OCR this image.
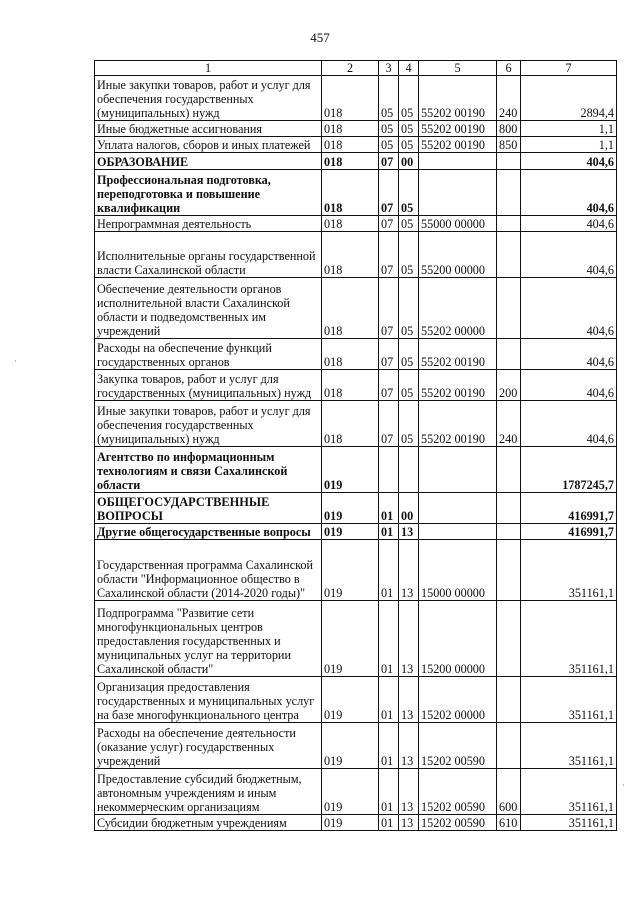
457
·
·
1	2	3	4	5	6	7
Иные закупки товаров, работ и услуг для обеспечения государственных (муниципальных) нужд	018	05	05	55202 00190	240	2894,4
Иные бюджетные ассигнования	018	05	05	55202 00190	800	1,1
Уплата налогов, сборов и иных платежей	018	05	05	55202 00190	850	1,1
ОБРАЗОВАНИЕ	018	07	00			404,6
Профессиональная подготовка, переподготовка и повышение квалификации	018	07	05			404,6
Непрограммная деятельность	018	07	05	55000 00000		404,6
Исполнительные органы государственной власти Сахалинской области	018	07	05	55200 00000		404,6
Обеспечение деятельности органов исполнительной власти Сахалинской области и подведомственных им учреждений	018	07	05	55202 00000		404,6
Расходы на обеспечение функций государственных органов	018	07	05	55202 00190		404,6
Закупка товаров, работ и услуг для государственных (муниципальных) нужд	018	07	05	55202 00190	200	404,6
Иные закупки товаров, работ и услуг для обеспечения государственных (муниципальных) нужд	018	07	05	55202 00190	240	404,6
Агентство по информационным технологиям и связи Сахалинской области	019					1787245,7
ОБЩЕГОСУДАРСТВЕННЫЕ ВОПРОСЫ	019	01	00			416991,7
Другие общегосударственные вопросы	019	01	13			416991,7
Государственная программа Сахалинской области "Информационное общество в Сахалинской области (2014-2020 годы)"	019	01	13	15000 00000		351161,1
Подпрограмма "Развитие сети многофункциональных центров предоставления государственных и муниципальных услуг на территории Сахалинской области"	019	01	13	15200 00000		351161,1
Организация предоставления государственных и муниципальных услуг на базе многофункционального центра	019	01	13	15202 00000		351161,1
Расходы на обеспечение деятельности (оказание услуг) государственных учреждений	019	01	13	15202 00590		351161,1
Предоставление субсидий бюджетным, автономным учреждениям и иным некоммерческим организациям	019	01	13	15202 00590	600	351161,1
Субсидии бюджетным учреждениям	019	01	13	15202 00590	610	351161,1
